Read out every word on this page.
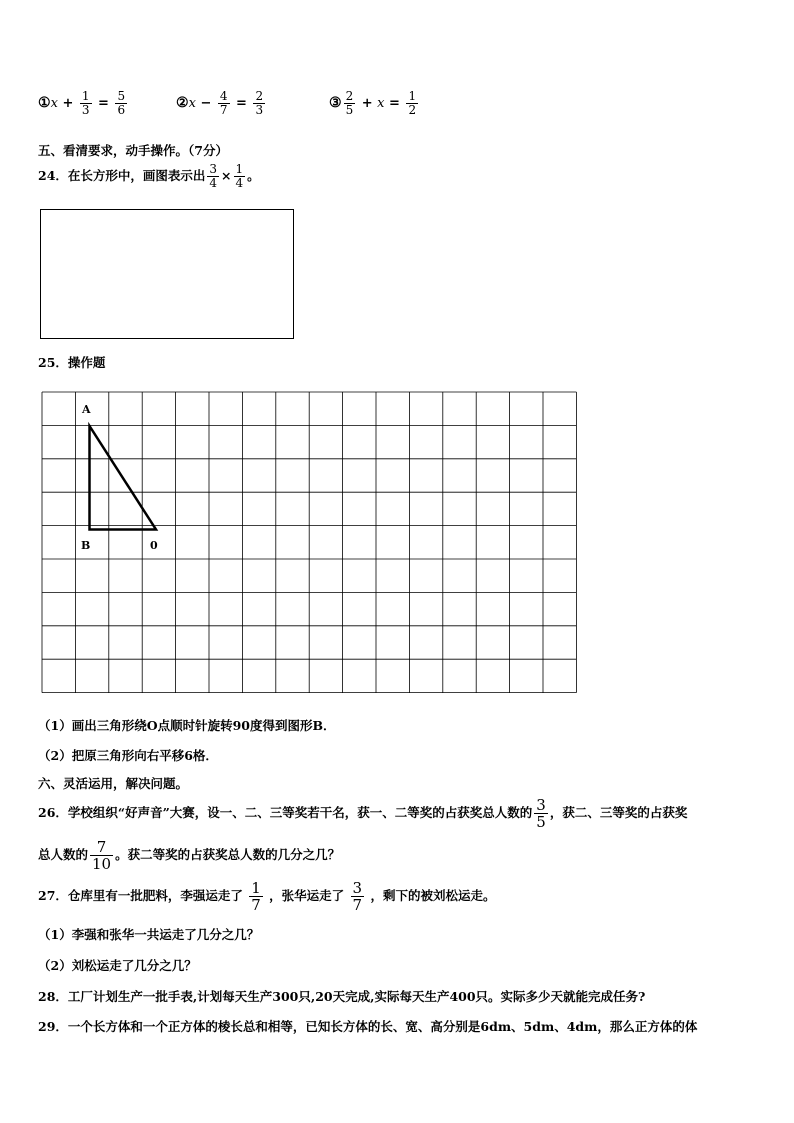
①x + $\frac{1}{3} = \frac{5}{6}$	②x − $\frac{4}{7} = \frac{2}{3}$	③ $\frac{2}{5} + x = \frac{1}{2}$
五、看清要求，动手操作。（7分）
24．在长方形中，画图表示出 $\frac{3}{4} \times \frac{1}{4}$ 。
25．操作题
A
B	0
（1）画出三角形绕O点顺时针旋转90度得到图形B．
（2）把原三角形向右平移6格．
六、灵活运用，解决问题。
26．学校组织“好声音”大赛，设一、二、三等奖若干名，获一、二等奖的占获奖总人数的 $\frac{3}{5}$ ，获二、三等奖的占获奖
总人数的 $\frac{7}{10}$ 。获二等奖的占获奖总人数的几分之几？
27．仓库里有一批肥料，李强运走了 $\frac{1}{7}$ ，张华运走了 $\frac{3}{7}$ ，剩下的被刘松运走。
（1）李强和张华一共运走了几分之几？
（2）刘松运走了几分之几？
28．工厂计划生产一批手表,计划每天生产300只,20天完成,实际每天生产400只。实际多少天就能完成任务?
29．一个长方体和一个正方体的棱长总和相等，已知长方体的长、宽、高分别是6dm、5dm、4dm，那么正方体的体
